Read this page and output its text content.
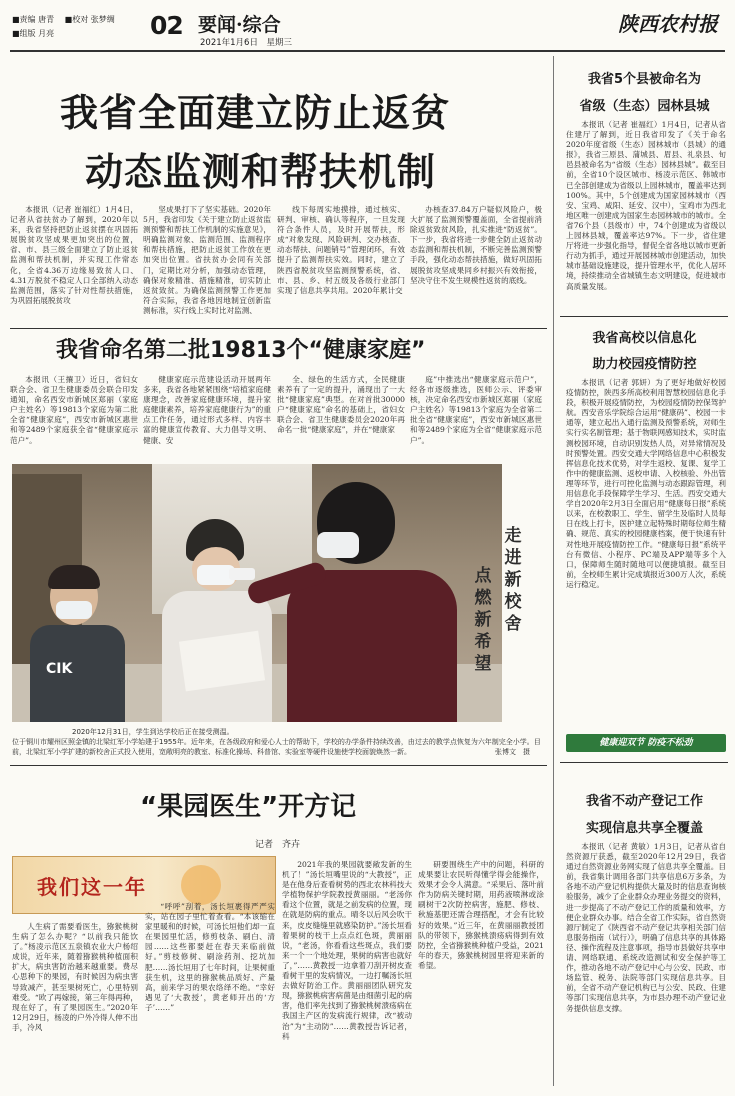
■责编 唐青 ■校对 张梦绸
■组版 月亮	02 要闻·综合
2021年1月6日　星期三
陕西农村报
我省全面建立防止返贫
动态监测和帮扶机制

本报讯（记者 崔福红）1月4日，记者从省扶贫办了解到，2020年以来，我省坚持把防止返贫摆在巩固拓展脱贫攻坚成果更加突出的位置，省、市、县三级全面建立了防止返贫监测和帮扶机制，并实现工作常态化，全省4.36万边缘易致贫人口、4.31万脱贫不稳定人口全部纳入动态监测范围，落实了针对性帮扶措施，为巩固拓展脱贫攻

坚成果打下了坚实基础。2020年5月，我省印发《关于建立防止返贫监测预警和帮扶工作机制的实施意见》，明确监测对象、监测范围、监测程序和帮扶措施，把防止返贫工作放在更加突出位置。省扶贫办会同有关部门，定期比对分析，加强动态管理，确保对象精准、措施精准，切实防止返贫致贫。为确保监测预警工作更加符合实际，我省各地因地制宜创新监测标准，实行线上实时比对监测、

线下每周实地摸排，通过核实、研判、审核、确认等程序，一旦发现符合条件人员，及时开展帮扶，形成“对象发现、风险研判、交办核查、动态帮扶、问题销号”管理闭环，有效提升了监测帮扶实效。同时，建立了陕西省脱贫攻坚监测预警系统，省、市、县、乡、村五级及各级行业部门实现了信息共享共用。2020年累计交

办核查37.84万户疑似风险户，极大扩展了监测预警覆盖面，全省提前消除返贫致贫风险，扎实推进“防返贫”。下一步，我省将进一步健全防止返贫动态监测和帮扶机制，不断完善监测预警手段，强化动态帮扶措施，做好巩固拓展脱贫攻坚成果同乡村振兴有效衔接，坚决守住不发生规模性返贫的底线。

我省命名第二批19813个“健康家庭”

本报讯（王攘卫）近日，省妇女联合会、省卫生健康委员会联合印发通知，命名西安市新城区郑丽（家庭户主姓名）等19813个家庭为第二批全省“健康家庭”，西安市新城区惠世和等2489个家庭获全省“健康家庭示范户”。

健康家庭示范建设活动开展两年多来，我省各地紧紧围绕“培植家庭健康理念，改善家庭健康环境，提升家庭健康素养，培养家庭健康行为”的重点工作任务，通过形式多样、内容丰富的健康宣传教育、大力倡导文明、健康、安

全、绿色的生活方式，全民健康素养有了一定的提升，涌现出了一大批“健康家庭”典型。在对首批30000户“健康家庭”命名的基础上，省妇女联合会、省卫生健康委员会2020年再命名一批“健康家庭”，并在“健康家

庭”中推选出“健康家庭示范户”，经各市逐级推选，医师公示、评委审核，决定命名西安市新城区郑丽（家庭户主姓名）等19813个家庭为全省第二批全省“健康家庭”，西安市新城区惠世和等2489个家庭为全省“健康家庭示范户”。

CIK
走
进
新
校
舍
点
燃
新
希
望
2020年12月31日，学生到达学校后正在接受测温。
位于铜川市耀州区照金镇的北梁红军小学始建于1955年。近年来，在各级政府和爱心人士的帮助下，学校的办学条件持续改善，由过去的教学点恢复为六年制完全小学。目前，北梁红军小学扩建的新校舍正式投入使用，宽敞明亮的教室、标准化操场、科普馆、实验室等硬件设施使学校面貌焕然一新。	张博文　摄
“果园医生”开方记
记者　齐卉
我们这一年

人生病了需要看医生，猕猴桃树生病了怎么办呢？“以前我只能饮了。”杨凌示范区五泉镇农业大户杨绍成说，近年来，随着猕猴桃种植面积扩大，病虫害防治越来越重要。费尽心思种下的果园，有时候因为病虫害导致减产，甚至果树死亡，心里特别难受。“欧了再嫁接，第三年得再种，现在好了，有了果园医生。”2020年12月29日，杨凌的户外冷得人伸不出手，冷风

“呼呼”刮着，汤长垣裹得严严实实，站在园子里忙着查看。“本该缩在家里暖和的时候，可汤长垣他们却一直在果园里忙活，修剪枝条、刷白、清园……这些都要赶在春天来临前做好。”剪枝修树、刷涂药剂、挖坑加肥……汤长垣用了七年时间，让果树重获生机，这里的猕猴桃品质好、产量高，前来学习的果农络绎不绝。“幸好遇见了‘大教授’，黄老师开出的‘方子’……”

2021年我的果园就要敞发新的生机了！”汤长垣嘴里说的“大教授”，正是在他身后查看树势的西北农林科技大学植物保护学院教授黄丽丽。“老汤你看这个位置，就是之前发病的位置，现在就是防病的重点。晴冬以后风会吹干来，皮皮缝缝里就感染防护。”汤长垣看着果树的枝干上点点红色斑，黄丽丽说，“老汤，你看看这些斑点，我们要来一个一个地处理，果树的病害也就好了，”……黄教授一边拿着刀刮开树皮查看树干里的发病情况，一边打嘱汤长垣去做好防治工作。黄丽丽团队研究发现，猕猴桃病害病菌是由细菌引起的病害，他们率先找到了猕猴桃树溃疡病在我国主产区的发病流行规律，改“被动治”为“主动防”……黄教授告诉记者，科

研要围绕生产中的问题，科研的成果要让农民听得懂学得会能操作，效果才会令人满意。“采果后、落叶前作为防病关键时期，用药液喷淋或涂刷树干2次防控病害，施肥、修枝、秋施基肥还需合理搭配，才会有比较好的效果。”近三年，在黄丽丽教授团队的带领下，猕猴桃溃疡病得到有效防控，全省猕猴桃种植户受益，2021年的春天，猕猴桃树园里将迎来新的希望。

我省5个县被命名为
省级（生态）园林县城

本报讯（记者 崔福红）1月4日，记者从省住建厅了解到，近日我省印发了《关于命名2020年度省级（生态）园林城市（县城）的通报》，我省三原县、蒲城县、眉县、礼泉县、旬邑县被命名为“省级（生态）园林县城”。截至目前，全省10个设区城市、杨凌示范区、韩城市已全部创建成为省级以上园林城市，覆盖率达到100%。其中，5个创建成为国家园林城市（西安、宝鸡、咸阳、延安、汉中），宝鸡市为西北地区唯一创建成为国家生态园林城市的城市。全省76个县（县级市）中，74个创建成为省级以上园林县城，覆盖率达97%。下一步，省住建厅将进一步强化指导，督促全省各地以城市更新行动为抓手，通过开展园林城市创建活动，加快城市基础设施建设，提升管理水平，优化人居环境，持续推动全省城镇生态文明建设，促进城市高质量发展。

我省高校以信息化
助力校园疫情防控

本报讯（记者 郭妍）为了更好地做好校园疫情防控，陕西多所高校利用智慧校园信息化手段，积极开展疫情防控，为校园疫情防控保驾护航。西安音乐学院综合运用“健康码”、校园一卡通等，建立起出入通行监测及预警系统，对师生实行实名制管理；基于物联网感知技术，实时监测校园环境，自动识别发热人员，对异常情况及时预警处置。西安交通大学网络信息中心积极发挥信息化技术优势，对学生返校、复课、复学工作中的健康监测、返校申请、入校核验、外出管理等环节，进行可控化监测与动态跟踪管理，利用信息化手段保障学生学习、生活。西安交通大学自2020年2月3日全面启用“健康每日报”系统以来，在校教职工、学生、留学生及临时人员每日在线上打卡，医护建立起特殊时期每位师生精确、规范、真实的校园健康档案，便于快速有针对性地开展疫情防控工作。“健康每日报”系统平台有微信、小程序、PC端及APP端等多个入口，保障师生随时随地可以便捷填报。截至目前，全校师生累计完成填报近300万人次，系统运行稳定。

健康迎双节 防疫不松劲
我省不动产登记工作
实现信息共享全覆盖

本报讯（记者 黄敏）1月3日，记者从省自然资源厅获悉，截至2020年12月29日，我省通过自然资源业务网实现了信息共享全覆盖。目前，我省集计调用各部门共享信息6万多条，为各地不动产登记机构提供大量及时的信息查询核验服务，减少了企业群众办理业务提交的资料，进一步提高了不动产登记工作的质量和效率，方便企业群众办事。结合全省工作实际，省自然资源厅制定了《陕西省不动产登记共享相关部门信息服务指南（试行）》，明确了信息共享的具体路径、操作流程及注意事项，指导市县做好共享申请、网络联通、系统改造测试和安全保护等工作，推动各地不动产登记中心与公安、民政、市场监管、税务、法院等部门实现信息共享。目前，全省不动产登记机构已与公安、民政、住建等部门实现信息共享，为市县办理不动产登记业务提供信息支撑。
